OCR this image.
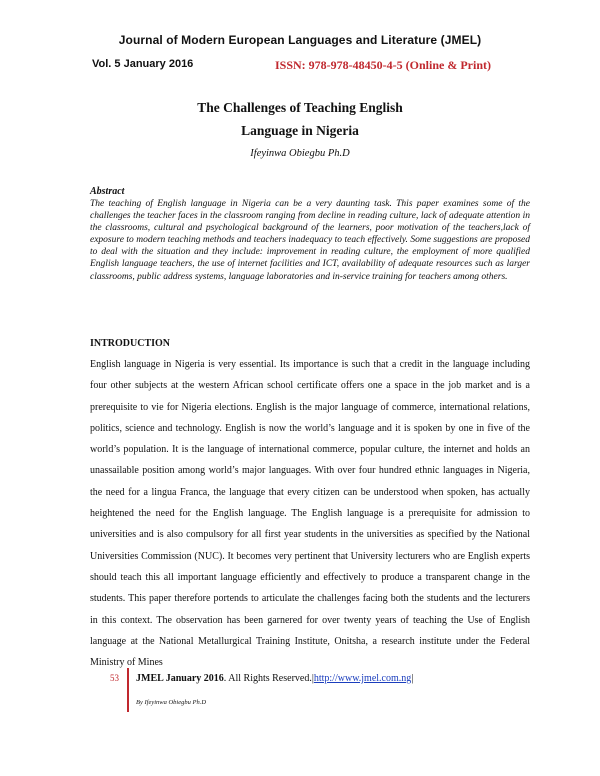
Journal of Modern European Languages and Literature (JMEL)
Vol. 5 January 2016	ISSN: 978-978-48450-4-5 (Online & Print)
The Challenges of Teaching English
Language in Nigeria
Ifeyinwa Obiegbu Ph.D
Abstract

The teaching of English language in Nigeria can be a very daunting task. This paper examines some of the challenges the teacher faces in the classroom ranging from decline in reading culture, lack of adequate attention in the classrooms, cultural and psychological background of the learners, poor motivation of the teachers,lack of exposure to modern teaching methods and teachers inadequacy to teach effectively. Some suggestions are proposed to deal with the situation and they include: improvement in reading culture, the employment of more qualified English language teachers, the use of internet facilities and ICT, availability of adequate resources such as larger classrooms, public address systems, language laboratories and in-service training for teachers among others.

INTRODUCTION

English language in Nigeria is very essential. Its importance is such that a credit in the language including four other subjects at the western African school certificate offers one a space in the job market and is a prerequisite to vie for Nigeria elections. English is the major language of commerce, international relations, politics, science and technology. English is now the world’s language and it is spoken by one in five of the world’s population. It is the language of international commerce, popular culture, the internet and holds an unassailable position among world’s major languages. With over four hundred ethnic languages in Nigeria, the need for a lingua Franca, the language that every citizen can be understood when spoken, has actually heightened the need for the English language. The English language is a prerequisite for admission to universities and is also compulsory for all first year students in the universities as specified by the National Universities Commission (NUC). It becomes very pertinent that University lecturers who are English experts should teach this all important language efficiently and effectively to produce a transparent change in the students. This paper therefore portends to articulate the challenges facing both the students and the lecturers in this context. The observation has been garnered for over twenty years of teaching the Use of English language at the National Metallurgical Training Institute, Onitsha, a research institute under the Federal Ministry of Mines

53 JMEL January 2016. All Rights Reserved.|http://www.jmel.com.ng|
By Ifeyinwa Obiegbu Ph.D
